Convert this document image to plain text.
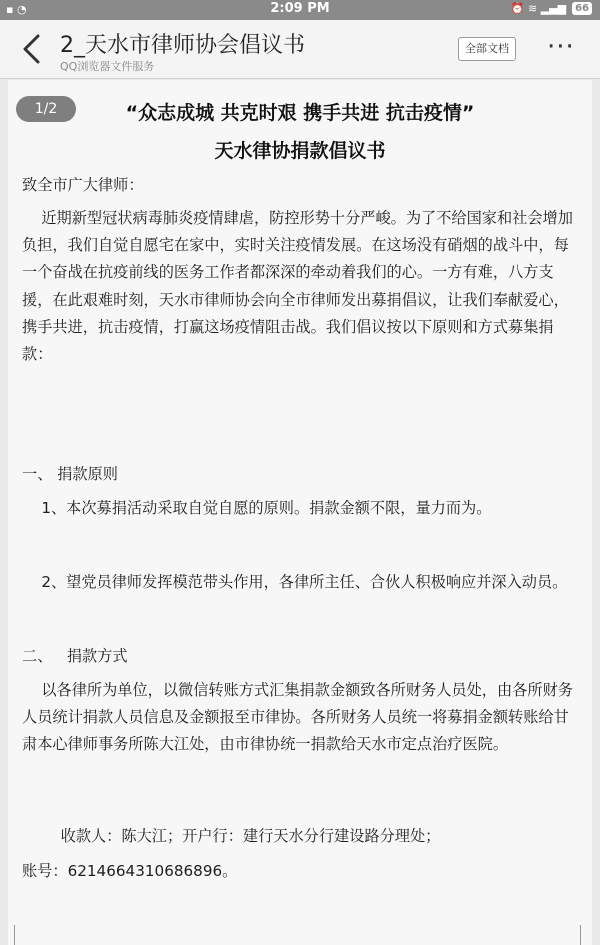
▪ ◔	2:09 PM	⏰ ≋ ▂▄▆ 66
2_天水市律师协会倡议书
QQ浏览器文件服务
全部文档 ···
1/2	“众志成城 共克时艰 携手共进 抗击疫情”
天水律协捐款倡议书
致全市广大律师：
近期新型冠状病毒肺炎疫情肆虐，防控形势十分严峻。为了不给国家和社会增加负担，我们自觉自愿宅在家中，实时关注疫情发展。在这场没有硝烟的战斗中，每一个奋战在抗疫前线的医务工作者都深深的牵动着我们的心。一方有难，八方支援，在此艰难时刻，天水市律师协会向全市律师发出募捐倡议，让我们奉献爱心，携手共进，抗击疫情，打赢这场疫情阻击战。我们倡议按以下原则和方式募集捐款：
一、 捐款原则
1、本次募捐活动采取自觉自愿的原则。捐款金额不限，量力而为。
2、望党员律师发挥模范带头作用，各律所主任、合伙人积极响应并深入动员。
二、   捐款方式
以各律所为单位，以微信转账方式汇集捐款金额致各所财务人员处，由各所财务人员统计捐款人员信息及金额报至市律协。各所财务人员统一将募捐金额转账给甘肃本心律师事务所陈大江处，由市律协统一捐款给天水市定点治疗医院。
收款人：陈大江；开户行：建行天水分行建设路分理处；
账号：6214664310686896。
